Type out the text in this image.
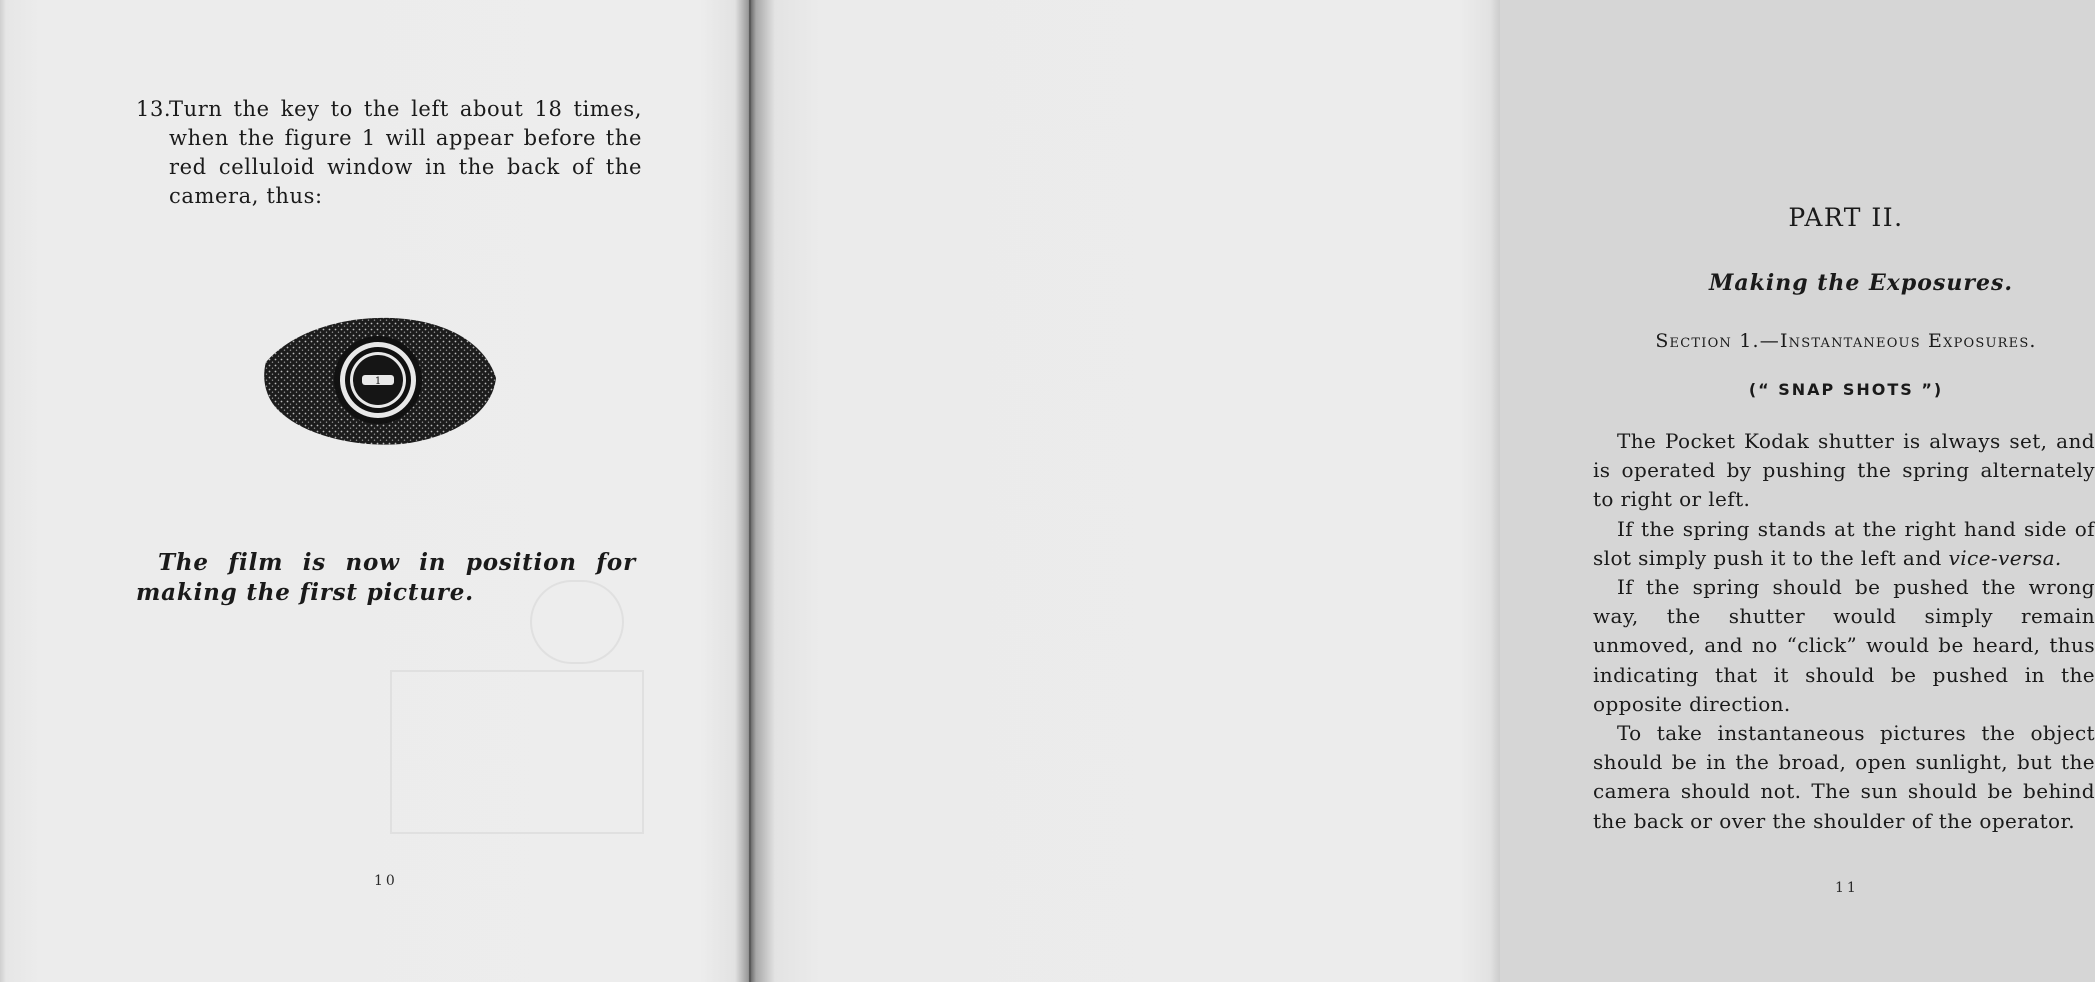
13.
Turn the key to the left about 18 times, when the figure 1 will appear before the red celluloid window in the back of the camera, thus:
1
The film is now in position for
making the first picture.
10
PART II.
Making the Exposures.
Section 1.—Instantaneous Exposures.
(“ SNAP SHOTS ”)

The Pocket Kodak shutter is always set, and is operated by pushing the spring alternately to right or left.

If the spring stands at the right hand side of slot simply push it to the left and vice-versa.

If the spring should be pushed the wrong way, the shutter would simply remain unmoved, and no “click” would be heard, thus indicating that it should be pushed in the opposite direction.

To take instantaneous pictures the object should be in the broad, open sunlight, but the camera should not. The sun should be behind the back or over the shoulder of the operator.

11
